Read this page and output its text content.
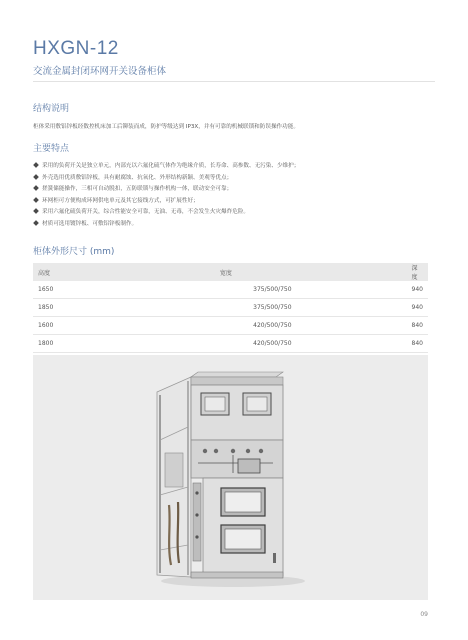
HXGN-12
交流金属封闭环网开关设备柜体
结构说明
柜体采用敷铝锌板经数控机床加工后铆装而成，防护等级达到 IP3X，并有可靠的机械联锁和防误操作功能。
主要特点
采用的负荷开关是独立单元，内部充以六氟化硫气体作为绝缘介质，长寿命、高参数、无污染、少维护；
外壳选用优质敷铝锌板，具有耐腐蚀、抗氧化、外形结构新颖、美观等优点；
搓簧储能操作，三相可自动脱扣，五防联锁与操作机构一体，联动安全可靠；
环网柜可方便构成环网供电单元及其它接线方式，可扩展性好；
采用六氟化硫负荷开关，综合性能安全可靠，无油、无毒，不会发生火灾爆炸危险。
材质可选用镀锌板、可敷铝锌板制作。
柜体外形尺寸 (mm)
高度	宽度	深度
1650	375/500/750	940
1850	375/500/750	940
1600	420/500/750	840
1800	420/500/750	840
09
